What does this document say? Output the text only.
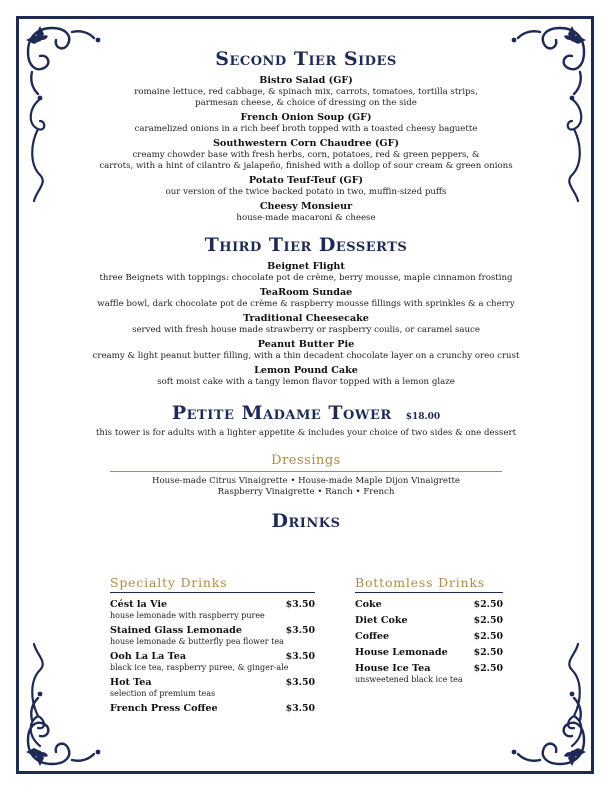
Second Tier Sides
Bistro Salad (GF)
romaine lettuce, red cabbage, & spinach mix, carrots, tomatoes, tortilla strips,
parmesan cheese, & choice of dressing on the side
French Onion Soup (GF)
caramelized onions in a rich beef broth topped with a toasted cheesy baguette
Southwestern Corn Chaudree (GF)
creamy chowder base with fresh herbs, corn, potatoes, red & green peppers, &
carrots, with a hint of cilantro & jalapeño, finished with a dollop of sour cream & green onions
Potato Teuf-Teuf (GF)
our version of the twice backed potato in two, muffin-sized puffs
Cheesy Monsieur
house-made macaroni & cheese
Third Tier Desserts
Beignet Flight
three Beignets with toppings: chocolate pot de crème, berry mousse, maple cinnamon frosting
TeaRoom Sundae
waffle bowl, dark chocolate pot de crème & raspberry mousse fillings with sprinkles & a cherry
Traditional Cheesecake
served with fresh house made strawberry or raspberry coulis, or caramel sauce
Peanut Butter Pie
creamy & light peanut butter filling, with a thin decadent chocolate layer on a crunchy oreo crust
Lemon Pound Cake
soft moist cake with a tangy lemon flavor topped with a lemon glaze
Petite Madame Tower $18.00
this tower is for adults with a lighter appetite & includes your choice of two sides & one dessert
Dressings
House-made Citrus Vinaigrette • House-made Maple Dijon Vinaigrette
Raspberry Vinaigrette • Ranch • French
Drinks
Specialty Drinks
Cést la Vie	$3.50
house lemonade with raspberry puree
Stained Glass Lemonade	$3.50
house lemonade & butterfly pea flower tea
Ooh La La Tea	$3.50
black ice tea, raspberry puree, & ginger-ale
Hot Tea	$3.50
selection of premium teas
French Press Coffee	$3.50
Bottomless Drinks
Coke	$2.50
Diet Coke	$2.50
Coffee	$2.50
House Lemonade	$2.50
House Ice Tea	$2.50
unsweetened black ice tea
